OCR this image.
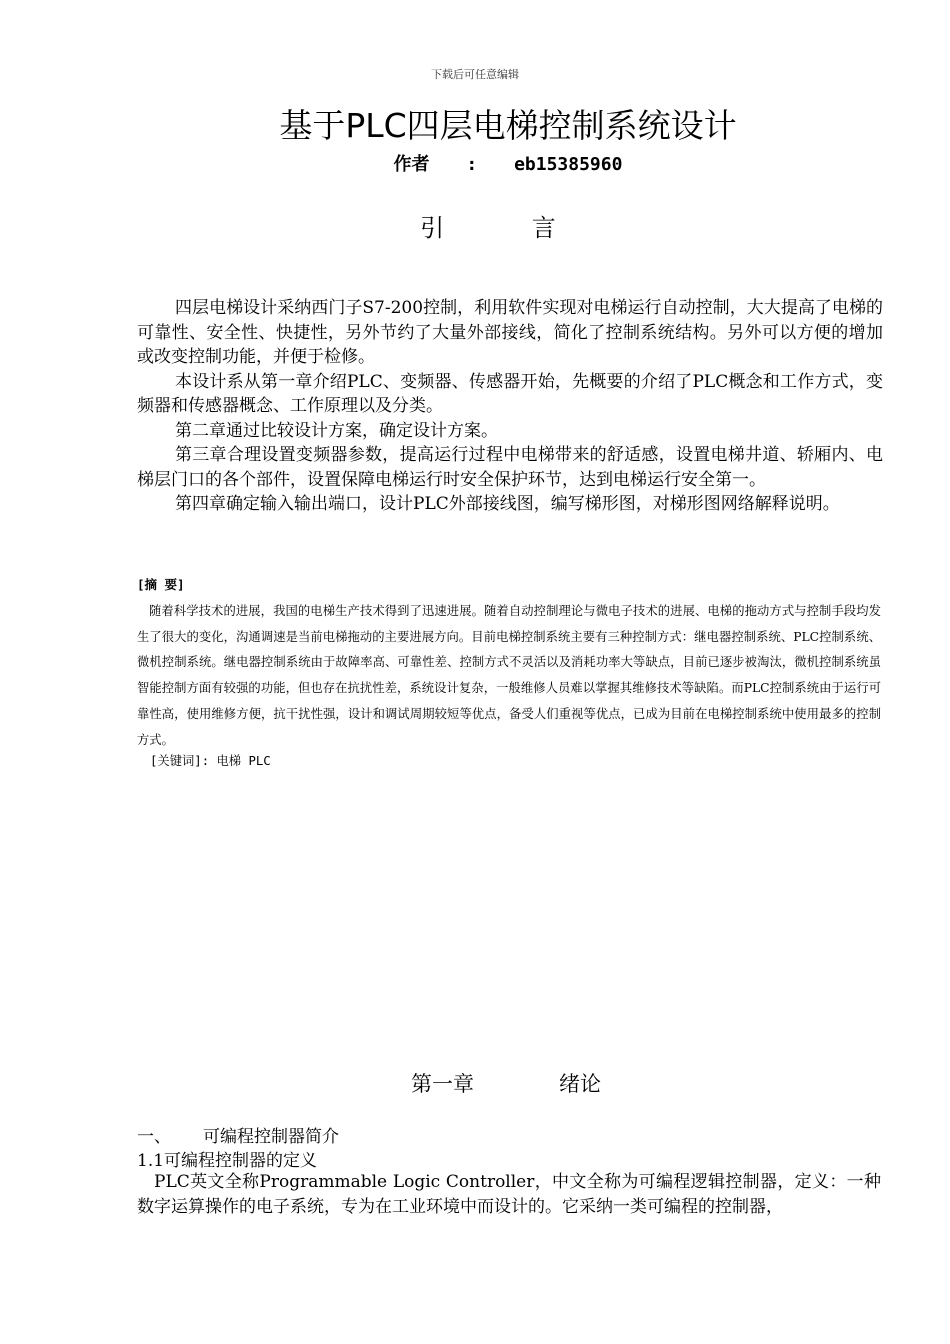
下载后可任意编辑
基于PLC四层电梯控制系统设计
作者 : eb15385960
引 言

四层电梯设计采纳西门子S7-200控制，利用软件实现对电梯运行自动控制，大大提高了电梯的可靠性、安全性、快捷性，另外节约了大量外部接线，简化了控制系统结构。另外可以方便的增加或改变控制功能，并便于检修。

本设计系从第一章介绍PLC、变频器、传感器开始，先概要的介绍了PLC概念和工作方式，变频器和传感器概念、工作原理以及分类。

第二章通过比较设计方案，确定设计方案。

第三章合理设置变频器参数，提高运行过程中电梯带来的舒适感，设置电梯井道、轿厢内、电梯层门口的各个部件，设置保障电梯运行时安全保护环节，达到电梯运行安全第一。

第四章确定输入输出端口，设计PLC外部接线图，编写梯形图，对梯形图网络解释说明。

[摘 要]

随着科学技术的进展，我国的电梯生产技术得到了迅速进展。随着自动控制理论与微电子技术的进展、电梯的拖动方式与控制手段均发生了很大的变化，沟通调速是当前电梯拖动的主要进展方向。目前电梯控制系统主要有三种控制方式：继电器控制系统、PLC控制系统、微机控制系统。继电器控制系统由于故障率高、可靠性差、控制方式不灵活以及消耗功率大等缺点，目前已逐步被淘汰，微机控制系统虽智能控制方面有较强的功能，但也存在抗扰性差，系统设计复杂，一般维修人员难以掌握其维修技术等缺陷。而PLC控制系统由于运行可靠性高，使用维修方便，抗干扰性强，设计和调试周期较短等优点，备受人们重视等优点，已成为目前在电梯控制系统中使用最多的控制方式。

[关键词]: 电梯 PLC
第一章	绪论
一、 可编程控制器简介
1.1可编程控制器的定义

PLC英文全称Programmable Logic Controller，中文全称为可编程逻辑控制器，定义：一种数字运算操作的电子系统，专为在工业环境中而设计的。它采纳一类可编程的控制器，
